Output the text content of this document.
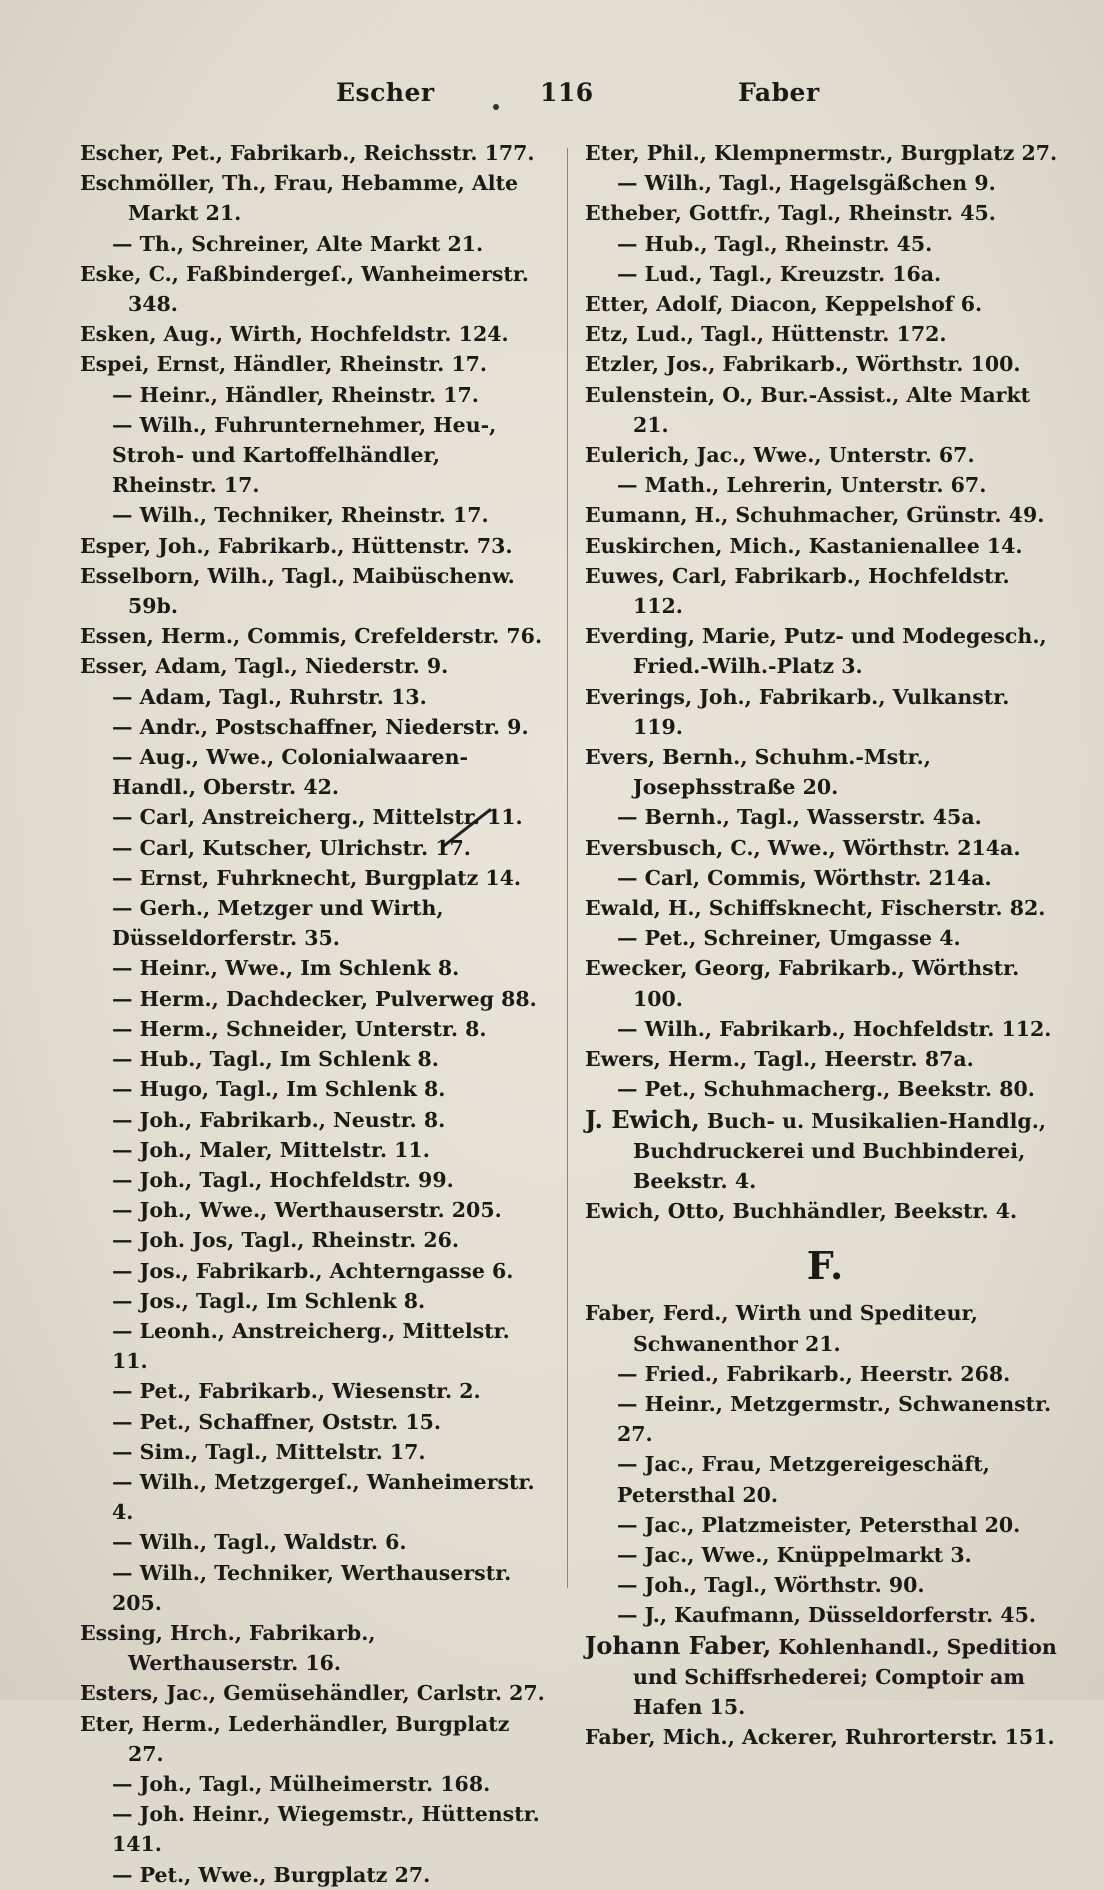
Escher	116	Faber
Escher, Pet., Fabrikarb., Reichsstr. 177.
Eschmöller, Th., Frau, Hebamme, Alte Markt 21.
— Th., Schreiner, Alte Markt 21.
Eske, C., Faßbindergeſ., Wanheimerstr. 348.
Esken, Aug., Wirth, Hochfeldstr. 124.
Espei, Ernst, Händler, Rheinstr. 17.
— Heinr., Händler, Rheinstr. 17.
— Wilh., Fuhrunternehmer, Heu-, Stroh- und Kartoffelhändler, Rheinstr. 17.
— Wilh., Techniker, Rheinstr. 17.
Esper, Joh., Fabrikarb., Hüttenstr. 73.
Esselborn, Wilh., Tagl., Maibüschenw. 59b.
Essen, Herm., Commis, Crefelderstr. 76.
Esser, Adam, Tagl., Niederstr. 9.
— Adam, Tagl., Ruhrstr. 13.
— Andr., Postschaffner, Niederstr. 9.
— Aug., Wwe., Colonialwaaren-Handl., Oberstr. 42.
— Carl, Anstreicherg., Mittelstr. 11.
— Carl, Kutscher, Ulrichstr. 17.
— Ernst, Fuhrknecht, Burgplatz 14.
— Gerh., Metzger und Wirth, Düsseldorferstr. 35.
— Heinr., Wwe., Im Schlenk 8.
— Herm., Dachdecker, Pulverweg 88.
— Herm., Schneider, Unterstr. 8.
— Hub., Tagl., Im Schlenk 8.
— Hugo, Tagl., Im Schlenk 8.
— Joh., Fabrikarb., Neustr. 8.
— Joh., Maler, Mittelstr. 11.
— Joh., Tagl., Hochfeldstr. 99.
— Joh., Wwe., Werthauserstr. 205.
— Joh. Jos, Tagl., Rheinstr. 26.
— Jos., Fabrikarb., Achterngasse 6.
— Jos., Tagl., Im Schlenk 8.
— Leonh., Anstreicherg., Mittelstr. 11.
— Pet., Fabrikarb., Wiesenstr. 2.
— Pet., Schaffner, Oststr. 15.
— Sim., Tagl., Mittelstr. 17.
— Wilh., Metzgergeſ., Wanheimerstr. 4.
— Wilh., Tagl., Waldstr. 6.
— Wilh., Techniker, Werthauserstr. 205.
Essing, Hrch., Fabrikarb., Werthauserstr. 16.
Esters, Jac., Gemüsehändler, Carlstr. 27.
Eter, Herm., Lederhändler, Burgplatz 27.
— Joh., Tagl., Mülheimerstr. 168.
— Joh. Heinr., Wiegemstr., Hüttenstr. 141.
— Pet., Wwe., Burgplatz 27.
Eter, Phil., Klempnermstr., Burgplatz 27.
— Wilh., Tagl., Hagelsgäßchen 9.
Etheber, Gottfr., Tagl., Rheinstr. 45.
— Hub., Tagl., Rheinstr. 45.
— Lud., Tagl., Kreuzstr. 16a.
Etter, Adolf, Diacon, Keppelshof 6.
Etz, Lud., Tagl., Hüttenstr. 172.
Etzler, Jos., Fabrikarb., Wörthstr. 100.
Eulenstein, O., Bur.-Assist., Alte Markt 21.
Eulerich, Jac., Wwe., Unterstr. 67.
— Math., Lehrerin, Unterstr. 67.
Eumann, H., Schuhmacher, Grünstr. 49.
Euskirchen, Mich., Kastanienallee 14.
Euwes, Carl, Fabrikarb., Hochfeldstr. 112.
Everding, Marie, Putz- und Modegesch., Fried.-Wilh.-Platz 3.
Everings, Joh., Fabrikarb., Vulkanstr. 119.
Evers, Bernh., Schuhm.-Mstr., Josephsstraße 20.
— Bernh., Tagl., Wasserstr. 45a.
Eversbusch, C., Wwe., Wörthstr. 214a.
— Carl, Commis, Wörthstr. 214a.
Ewald, H., Schiffsknecht, Fischerstr. 82.
— Pet., Schreiner, Umgasse 4.
Ewecker, Georg, Fabrikarb., Wörthstr. 100.
— Wilh., Fabrikarb., Hochfeldstr. 112.
Ewers, Herm., Tagl., Heerstr. 87a.
— Pet., Schuhmacherg., Beekstr. 80.
J. Ewich, Buch- u. Musikalien-Handlg., Buchdruckerei und Buchbinderei, Beekstr. 4.
Ewich, Otto, Buchhändler, Beekstr. 4.
F.
Faber, Ferd., Wirth und Spediteur, Schwanenthor 21.
— Fried., Fabrikarb., Heerstr. 268.
— Heinr., Metzgermstr., Schwanenstr. 27.
— Jac., Frau, Metzgereigeschäft, Petersthal 20.
— Jac., Platzmeister, Petersthal 20.
— Jac., Wwe., Knüppelmarkt 3.
— Joh., Tagl., Wörthstr. 90.
— J., Kaufmann, Düsseldorferstr. 45.
Johann Faber, Kohlenhandl., Spedition und Schiffsrhederei; Comptoir am Hafen 15.
Faber, Mich., Ackerer, Ruhrorterstr. 151.
